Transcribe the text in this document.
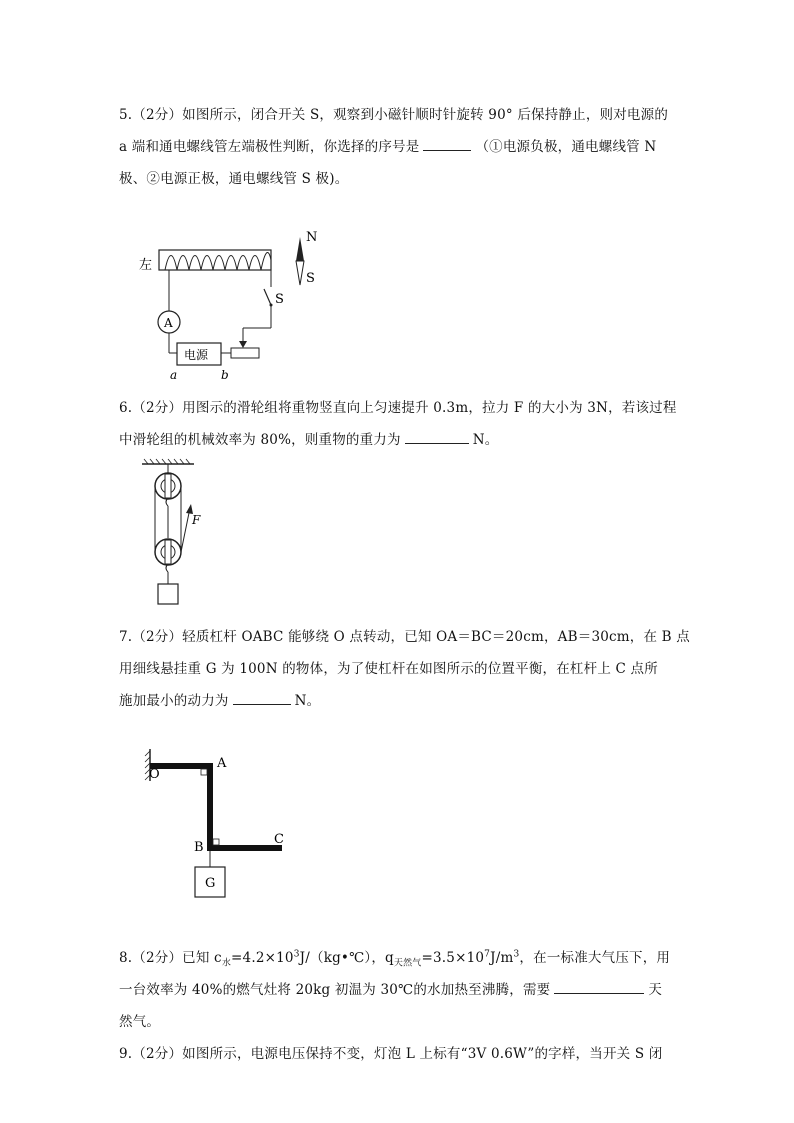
5.（2分）如图所示，闭合开关 S，观察到小磁针顺时针旋转 90° 后保持静止，则对电源的
a 端和通电螺线管左端极性判断，你选择的序号是	（①电源负极，通电螺线管 N
极、②电源正极，通电螺线管 S 极)。
左
A
电源
S
a	b
N
S
6.（2分）用图示的滑轮组将重物竖直向上匀速提升 0.3m，拉力 F 的大小为 3N，若该过程
中滑轮组的机械效率为 80%，则重物的重力为	N。
F
7.（2分）轻质杠杆 OABC 能够绕 O 点转动，已知 OA＝BC＝20cm，AB＝30cm，在 B 点
用细线悬挂重 G 为 100N 的物体，为了使杠杆在如图所示的位置平衡，在杠杆上 C 点所
施加最小的动力为	N。
O
A
B
C
G
8.（2分）已知 $c_水=4.2\times 10^3J/(kg•℃)$，$q_{天然气}=3.5\times 10^7J/m^3$，在一标准大气压下，用
一台效率为 40%的燃气灶将 20kg 初温为 30℃的水加热至沸腾，需要	天
然气。
9.（2分）如图所示，电源电压保持不变，灯泡 L 上标有“3V 0.6W”的字样，当开关 S 闭
